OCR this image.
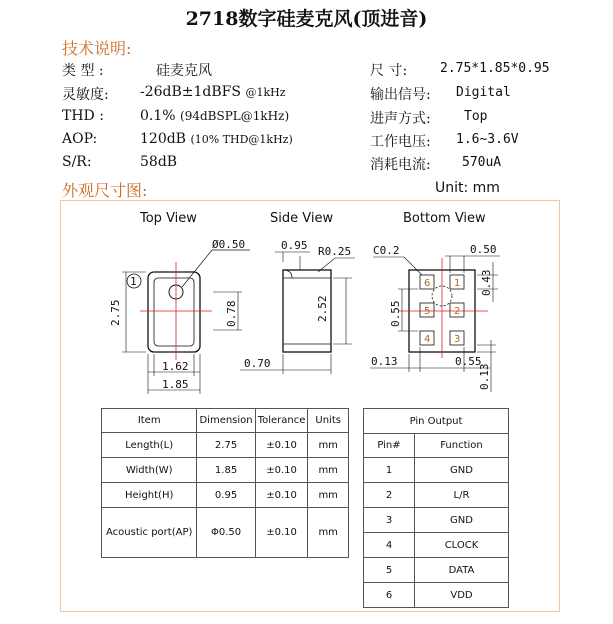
2718数字硅麦克风(顶进音)
技术说明:
类 型 :	硅麦克风
灵敏度: -26dB±1dBFS @1kHz
THD :	0.1% (94dBSPL@1kHz)
AOP:	120dB (10% THD@1kHz)
S/R:	58dB
尺 寸:	2.75*1.85*0.95
输出信号: Digital
进声方式:	Top
工作电压: 1.6~3.6V
消耗电流: 570uA
外观尺寸图:	Unit: mm
Top View	Side View	Bottom View
1
Ø0.50
2.75	0.78
1.62
1.85
0.95 R0.25
2.52
0.70
C0.2	0.50
0.43
0.55
0.13	0.55
0.13
6 1
5 2
4 3
Item	Dimension	Tolerance	Units
Length(L)	2.75	±0.10	mm
Width(W)	1.85	±0.10	mm
Height(H)	0.95	±0.10	mm
Acoustic port(AP)	Φ0.50	±0.10	mm
Pin Output	
Pin#	Function
1	GND
2	L/R
3	GND
4	CLOCK
5	DATA
6	VDD
